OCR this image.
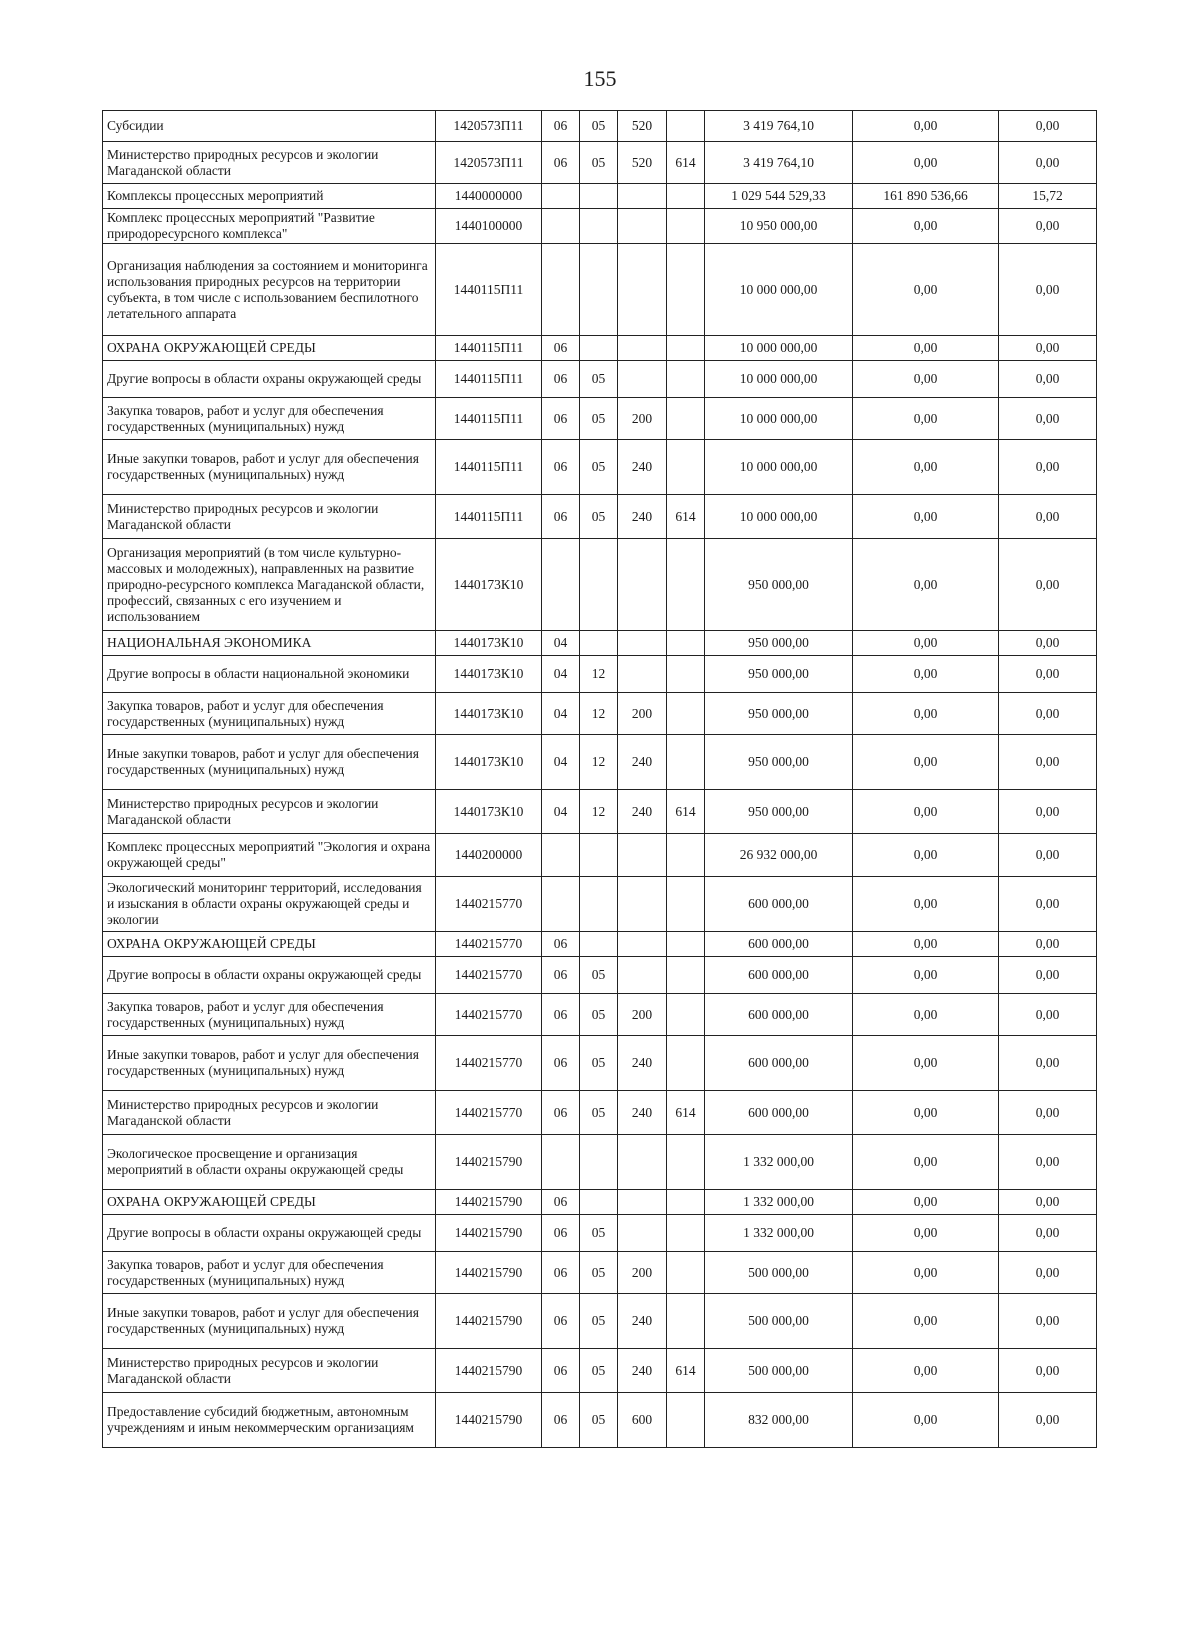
155
Субсидии	1420573П11	06	05	520		3 419 764,10	0,00	0,00
Министерство природных ресурсов и экологии Магаданской области	1420573П11	06	05	520	614	3 419 764,10	0,00	0,00
Комплексы процессных мероприятий	1440000000					1 029 544 529,33	161 890 536,66	15,72
Комплекс процессных мероприятий "Развитие природоресурсного комплекса"	1440100000					10 950 000,00	0,00	0,00
Организация наблюдения за состоянием и мониторинга использования природных ресурсов на территории субъекта, в том числе с использованием беспилотного летательного аппарата	1440115П11					10 000 000,00	0,00	0,00
ОХРАНА ОКРУЖАЮЩЕЙ СРЕДЫ	1440115П11	06				10 000 000,00	0,00	0,00
Другие вопросы в области охраны окружающей среды	1440115П11	06	05			10 000 000,00	0,00	0,00
Закупка товаров, работ и услуг для обеспечения государственных (муниципальных) нужд	1440115П11	06	05	200		10 000 000,00	0,00	0,00
Иные закупки товаров, работ и услуг для обеспечения государственных (муниципальных) нужд	1440115П11	06	05	240		10 000 000,00	0,00	0,00
Министерство природных ресурсов и экологии Магаданской области	1440115П11	06	05	240	614	10 000 000,00	0,00	0,00
Организация мероприятий (в том числе культурно-массовых и молодежных), направленных на развитие природно-ресурсного комплекса Магаданской области, профессий, связанных с его изучением и использованием	1440173К10					950 000,00	0,00	0,00
НАЦИОНАЛЬНАЯ ЭКОНОМИКА	1440173К10	04				950 000,00	0,00	0,00
Другие вопросы в области национальной экономики	1440173К10	04	12			950 000,00	0,00	0,00
Закупка товаров, работ и услуг для обеспечения государственных (муниципальных) нужд	1440173К10	04	12	200		950 000,00	0,00	0,00
Иные закупки товаров, работ и услуг для обеспечения государственных (муниципальных) нужд	1440173К10	04	12	240		950 000,00	0,00	0,00
Министерство природных ресурсов и экологии Магаданской области	1440173К10	04	12	240	614	950 000,00	0,00	0,00
Комплекс процессных мероприятий "Экология и охрана окружающей среды"	1440200000					26 932 000,00	0,00	0,00
Экологический мониторинг территорий, исследования и изыскания в области охраны окружающей среды и экологии	1440215770					600 000,00	0,00	0,00
ОХРАНА ОКРУЖАЮЩЕЙ СРЕДЫ	1440215770	06				600 000,00	0,00	0,00
Другие вопросы в области охраны окружающей среды	1440215770	06	05			600 000,00	0,00	0,00
Закупка товаров, работ и услуг для обеспечения государственных (муниципальных) нужд	1440215770	06	05	200		600 000,00	0,00	0,00
Иные закупки товаров, работ и услуг для обеспечения государственных (муниципальных) нужд	1440215770	06	05	240		600 000,00	0,00	0,00
Министерство природных ресурсов и экологии Магаданской области	1440215770	06	05	240	614	600 000,00	0,00	0,00
Экологическое просвещение и организация мероприятий в области охраны окружающей среды	1440215790					1 332 000,00	0,00	0,00
ОХРАНА ОКРУЖАЮЩЕЙ СРЕДЫ	1440215790	06				1 332 000,00	0,00	0,00
Другие вопросы в области охраны окружающей среды	1440215790	06	05			1 332 000,00	0,00	0,00
Закупка товаров, работ и услуг для обеспечения государственных (муниципальных) нужд	1440215790	06	05	200		500 000,00	0,00	0,00
Иные закупки товаров, работ и услуг для обеспечения государственных (муниципальных) нужд	1440215790	06	05	240		500 000,00	0,00	0,00
Министерство природных ресурсов и экологии Магаданской области	1440215790	06	05	240	614	500 000,00	0,00	0,00
Предоставление субсидий бюджетным, автономным учреждениям и иным некоммерческим организациям	1440215790	06	05	600		832 000,00	0,00	0,00
